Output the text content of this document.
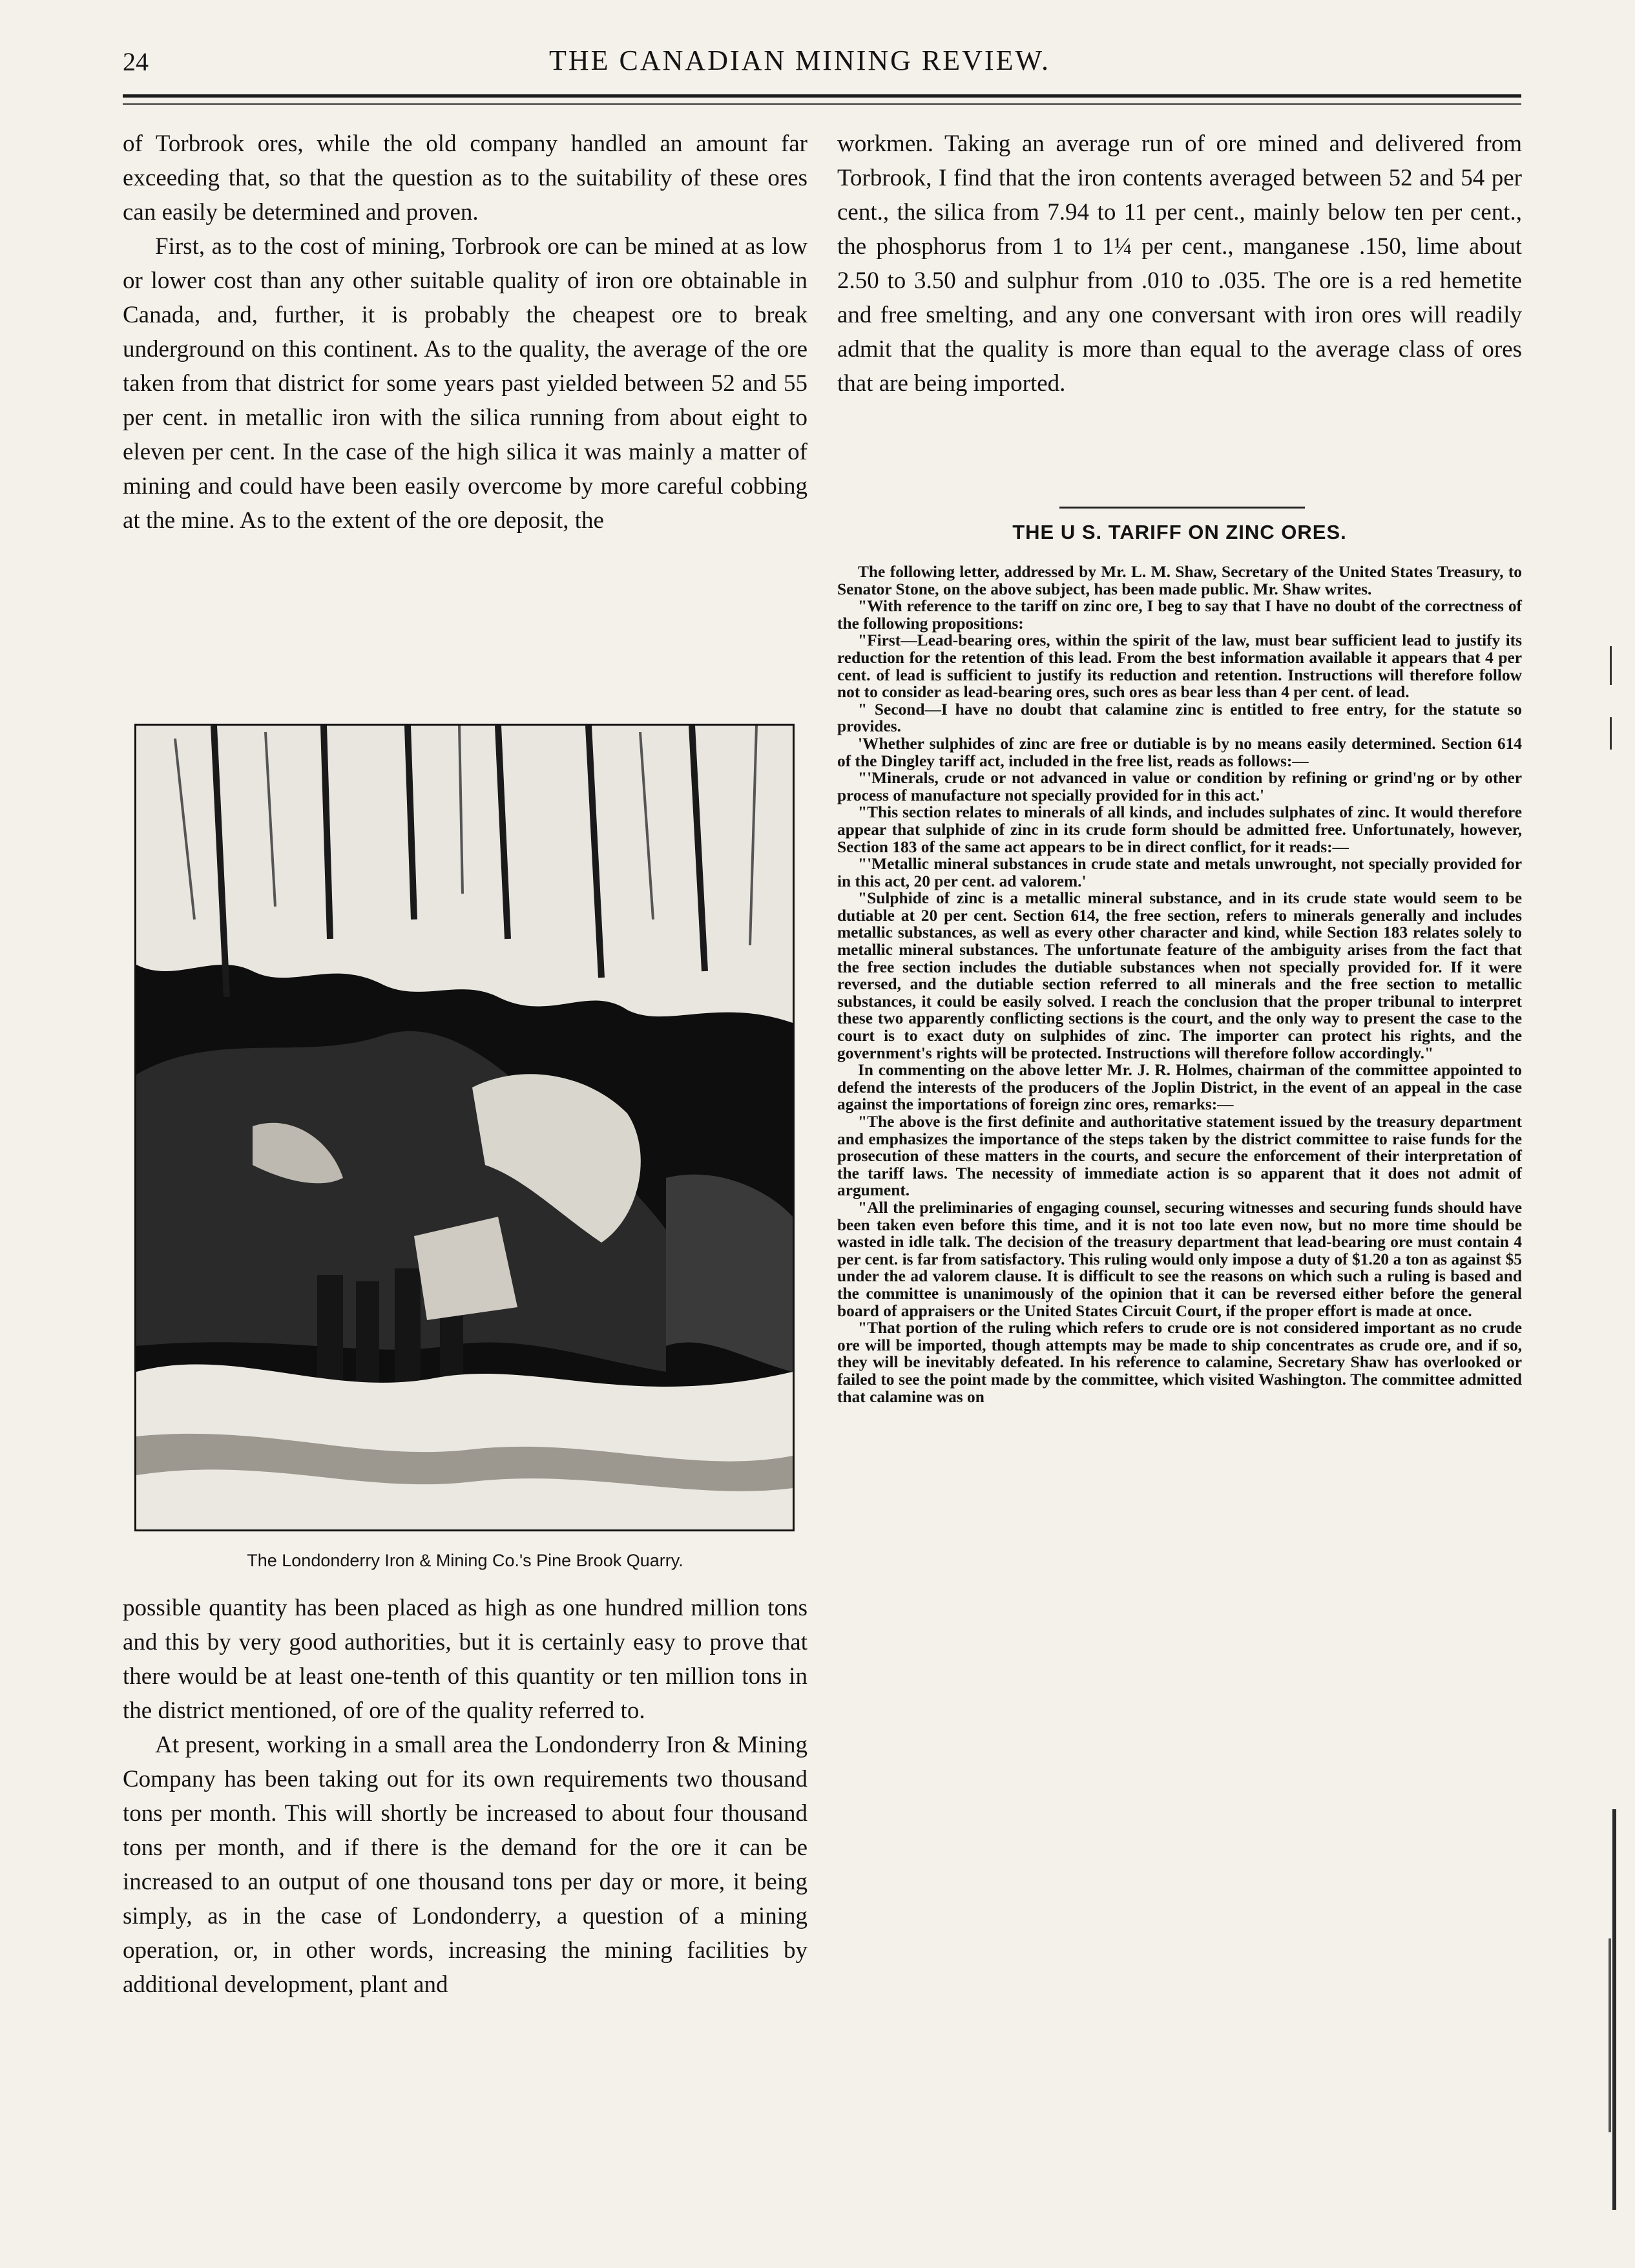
24	THE CANADIAN MINING REVIEW.

of Torbrook ores, while the old company handled an amount far exceeding that, so that the question as to the suitability of these ores can easily be determined and proven.

First, as to the cost of mining, Torbrook ore can be mined at as low or lower cost than any other suitable quality of iron ore obtainable in Canada, and, further, it is probably the cheapest ore to break underground on this continent. As to the quality, the average of the ore taken from that district for some years past yielded between 52 and 55 per cent. in metallic iron with the silica running from about eight to eleven per cent. In the case of the high silica it was mainly a matter of mining and could have been easily overcome by more careful cobbing at the mine. As to the extent of the ore deposit, the

The Londonderry Iron & Mining Co.'s Pine Brook Quarry.

possible quantity has been placed as high as one hundred million tons and this by very good authorities, but it is certainly easy to prove that there would be at least one-tenth of this quantity or ten million tons in the district mentioned, of ore of the quality referred to.

At present, working in a small area the Londonderry Iron & Mining Company has been taking out for its own requirements two thousand tons per month. This will shortly be increased to about four thousand tons per month, and if there is the demand for the ore it can be increased to an output of one thousand tons per day or more, it being simply, as in the case of Londonderry, a question of a mining operation, or, in other words, increasing the mining facilities by additional development, plant and

workmen. Taking an average run of ore mined and delivered from Torbrook, I find that the iron contents averaged between 52 and 54 per cent., the silica from 7.94 to 11 per cent., mainly below ten per cent., the phosphorus from 1 to 1¼ per cent., manganese .150, lime about 2.50 to 3.50 and sulphur from .010 to .035. The ore is a red hemetite and free smelting, and any one conversant with iron ores will readily admit that the quality is more than equal to the average class of ores that are being imported.

THE U S. TARIFF ON ZINC ORES.

The following letter, addressed by Mr. L. M. Shaw, Secretary of the United States Treasury, to Senator Stone, on the above subject, has been made public. Mr. Shaw writes.

"With reference to the tariff on zinc ore, I beg to say that I have no doubt of the correctness of the following propositions:

"First—Lead-bearing ores, within the spirit of the law, must bear sufficient lead to justify its reduction for the retention of this lead. From the best information available it appears that 4 per cent. of lead is sufficient to justify its reduction and retention. Instructions will therefore follow not to consider as lead-bearing ores, such ores as bear less than 4 per cent. of lead.

" Second—I have no doubt that calamine zinc is entitled to free entry, for the statute so provides.

'Whether sulphides of zinc are free or dutiable is by no means easily determined. Section 614 of the Dingley tariff act, included in the free list, reads as follows:—

"'Minerals, crude or not advanced in value or condition by refining or grind'ng or by other process of manufacture not specially provided for in this act.'

"This section relates to minerals of all kinds, and includes sulphates of zinc. It would therefore appear that sulphide of zinc in its crude form should be admitted free. Unfortunately, however, Section 183 of the same act appears to be in direct conflict, for it reads:—

"'Metallic mineral substances in crude state and metals unwrought, not specially provided for in this act, 20 per cent. ad valorem.'

"Sulphide of zinc is a metallic mineral substance, and in its crude state would seem to be dutiable at 20 per cent. Section 614, the free section, refers to minerals generally and includes metallic substances, as well as every other character and kind, while Section 183 relates solely to metallic mineral substances. The unfortunate feature of the ambiguity arises from the fact that the free section includes the dutiable substances when not specially provided for. If it were reversed, and the dutiable section referred to all minerals and the free section to metallic substances, it could be easily solved. I reach the conclusion that the proper tribunal to interpret these two apparently conflicting sections is the court, and the only way to present the case to the court is to exact duty on sulphides of zinc. The importer can protect his rights, and the government's rights will be protected. Instructions will therefore follow accordingly."

In commenting on the above letter Mr. J. R. Holmes, chairman of the committee appointed to defend the interests of the producers of the Joplin District, in the event of an appeal in the case against the importations of foreign zinc ores, remarks:—

"The above is the first definite and authoritative statement issued by the treasury department and emphasizes the importance of the steps taken by the district committee to raise funds for the prosecution of these matters in the courts, and secure the enforcement of their interpretation of the tariff laws. The necessity of immediate action is so apparent that it does not admit of argument.

"All the preliminaries of engaging counsel, securing witnesses and securing funds should have been taken even before this time, and it is not too late even now, but no more time should be wasted in idle talk. The decision of the treasury department that lead-bearing ore must contain 4 per cent. is far from satisfactory. This ruling would only impose a duty of $1.20 a ton as against $5 under the ad valorem clause. It is difficult to see the reasons on which such a ruling is based and the committee is unanimously of the opinion that it can be reversed either before the general board of appraisers or the United States Circuit Court, if the proper effort is made at once.

"That portion of the ruling which refers to crude ore is not considered important as no crude ore will be imported, though attempts may be made to ship concentrates as crude ore, and if so, they will be inevitably defeated. In his reference to calamine, Secretary Shaw has overlooked or failed to see the point made by the committee, which visited Washington. The committee admitted that calamine was on
